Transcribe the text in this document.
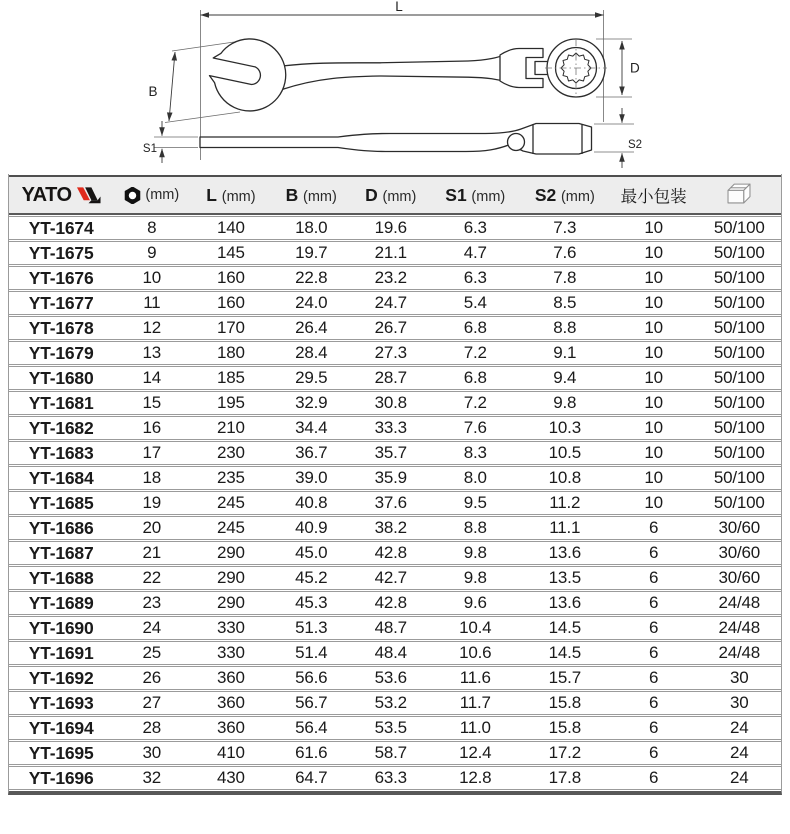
L
B
D
S1	S2
YATO	(mm)	L (mm)	B (mm)	D (mm)	S1 (mm)	S2 (mm)	最小包装	
YT-1674	8	140	18.0	19.6	6.3	7.3	10	50/100
YT-1675	9	145	19.7	21.1	4.7	7.6	10	50/100
YT-1676	10	160	22.8	23.2	6.3	7.8	10	50/100
YT-1677	11	160	24.0	24.7	5.4	8.5	10	50/100
YT-1678	12	170	26.4	26.7	6.8	8.8	10	50/100
YT-1679	13	180	28.4	27.3	7.2	9.1	10	50/100
YT-1680	14	185	29.5	28.7	6.8	9.4	10	50/100
YT-1681	15	195	32.9	30.8	7.2	9.8	10	50/100
YT-1682	16	210	34.4	33.3	7.6	10.3	10	50/100
YT-1683	17	230	36.7	35.7	8.3	10.5	10	50/100
YT-1684	18	235	39.0	35.9	8.0	10.8	10	50/100
YT-1685	19	245	40.8	37.6	9.5	11.2	10	50/100
YT-1686	20	245	40.9	38.2	8.8	11.1	6	30/60
YT-1687	21	290	45.0	42.8	9.8	13.6	6	30/60
YT-1688	22	290	45.2	42.7	9.8	13.5	6	30/60
YT-1689	23	290	45.3	42.8	9.6	13.6	6	24/48
YT-1690	24	330	51.3	48.7	10.4	14.5	6	24/48
YT-1691	25	330	51.4	48.4	10.6	14.5	6	24/48
YT-1692	26	360	56.6	53.6	11.6	15.7	6	30
YT-1693	27	360	56.7	53.2	11.7	15.8	6	30
YT-1694	28	360	56.4	53.5	11.0	15.8	6	24
YT-1695	30	410	61.6	58.7	12.4	17.2	6	24
YT-1696	32	430	64.7	63.3	12.8	17.8	6	24
